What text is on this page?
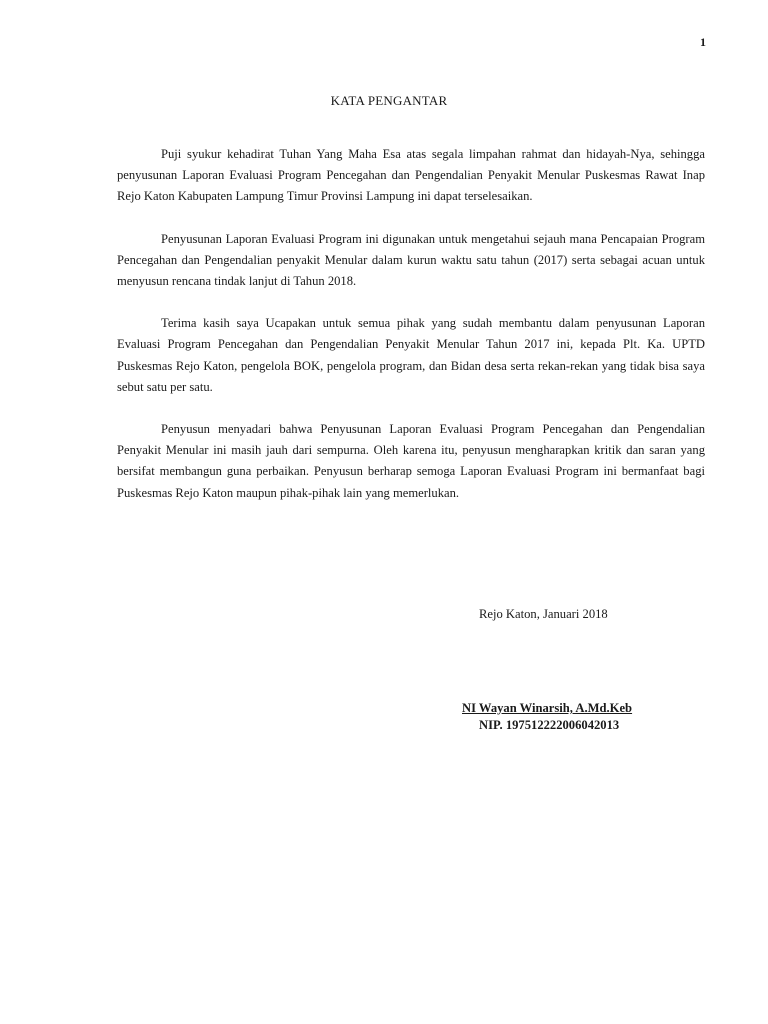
1
KATA PENGANTAR

Puji syukur kehadirat Tuhan Yang Maha Esa atas segala limpahan rahmat dan hidayah-Nya, sehingga penyusunan Laporan Evaluasi Program Pencegahan dan Pengendalian Penyakit Menular Puskesmas Rawat Inap Rejo Katon Kabupaten Lampung Timur Provinsi Lampung ini dapat terselesaikan.

Penyusunan Laporan Evaluasi Program ini digunakan untuk mengetahui sejauh mana Pencapaian Program Pencegahan dan Pengendalian penyakit Menular dalam kurun waktu satu tahun (2017) serta sebagai acuan untuk menyusun rencana tindak lanjut di Tahun 2018.

Terima kasih saya Ucapakan untuk semua pihak yang sudah membantu dalam penyusunan Laporan Evaluasi Program Pencegahan dan Pengendalian Penyakit Menular Tahun 2017 ini, kepada Plt. Ka. UPTD Puskesmas Rejo Katon, pengelola BOK, pengelola program, dan Bidan desa serta rekan-rekan yang tidak bisa saya sebut satu per satu.

Penyusun menyadari bahwa Penyusunan Laporan Evaluasi Program Pencegahan dan Pengendalian Penyakit Menular ini masih jauh dari sempurna. Oleh karena itu, penyusun mengharapkan kritik dan saran yang bersifat membangun guna perbaikan. Penyusun berharap semoga Laporan Evaluasi Program ini bermanfaat bagi Puskesmas Rejo Katon maupun pihak-pihak lain yang memerlukan.

Rejo Katon, Januari 2018
NI Wayan Winarsih, A.Md.Keb
NIP. 197512222006042013
